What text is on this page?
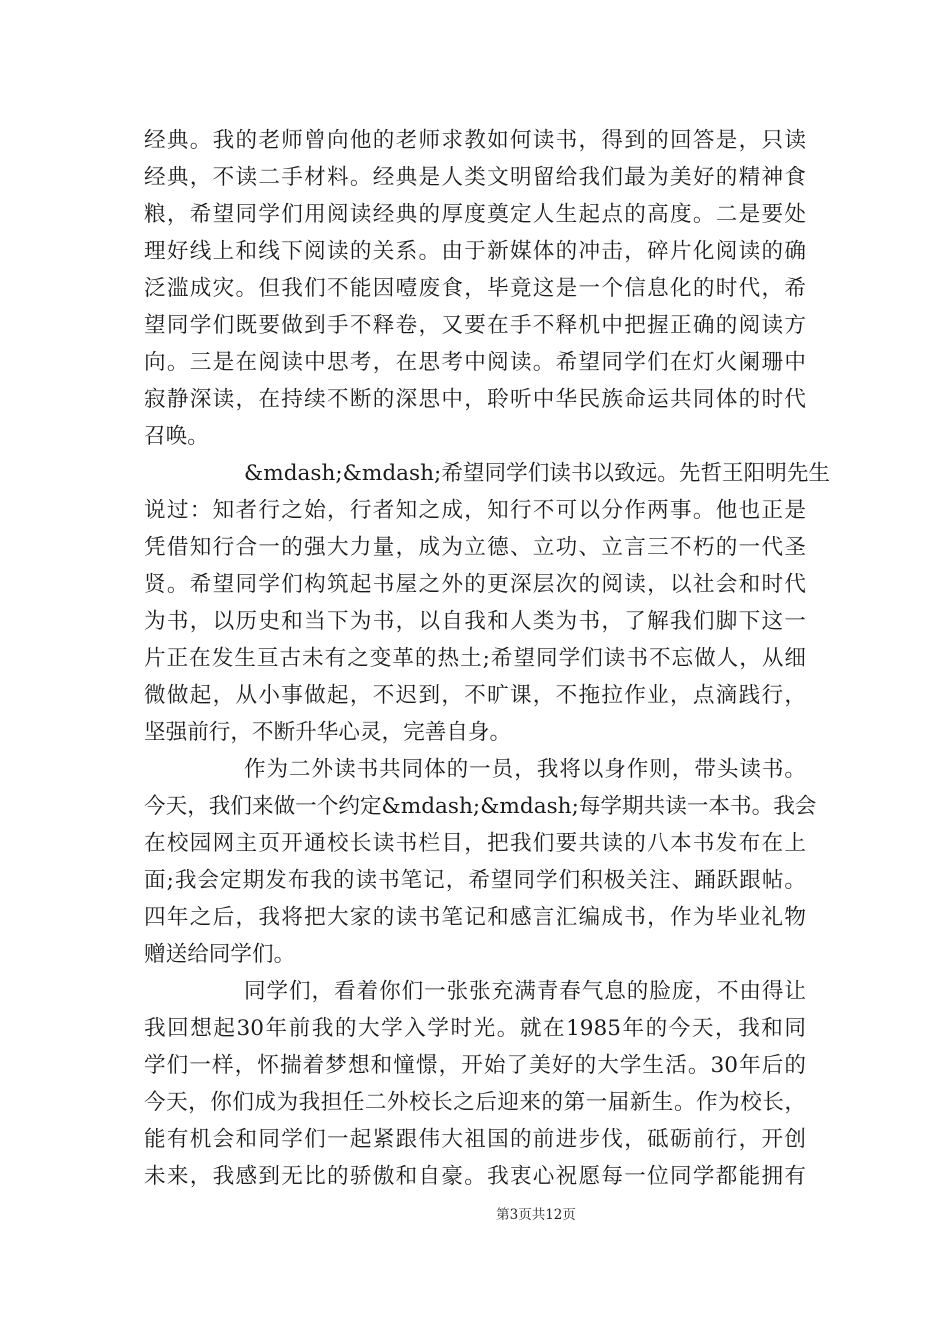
经典。我的老师曾向他的老师求教如何读书，得到的回答是，只读
经典，不读二手材料。经典是人类文明留给我们最为美好的精神食
粮，希望同学们用阅读经典的厚度奠定人生起点的高度。二是要处
理好线上和线下阅读的关系。由于新媒体的冲击，碎片化阅读的确
泛滥成灾。但我们不能因噎废食，毕竟这是一个信息化的时代，希
望同学们既要做到手不释卷，又要在手不释机中把握正确的阅读方
向。三是在阅读中思考，在思考中阅读。希望同学们在灯火阑珊中
寂静深读，在持续不断的深思中，聆听中华民族命运共同体的时代
召唤。
&mdash;&mdash;希望同学们读书以致远。先哲王阳明先生
说过：知者行之始，行者知之成，知行不可以分作两事。他也正是
凭借知行合一的强大力量，成为立德、立功、立言三不朽的一代圣
贤。希望同学们构筑起书屋之外的更深层次的阅读，以社会和时代
为书，以历史和当下为书，以自我和人类为书，了解我们脚下这一
片正在发生亘古未有之变革的热土;希望同学们读书不忘做人，从细
微做起，从小事做起，不迟到，不旷课，不拖拉作业，点滴践行，
坚强前行，不断升华心灵，完善自身。
作为二外读书共同体的一员，我将以身作则，带头读书。
今天，我们来做一个约定&mdash;&mdash;每学期共读一本书。我会
在校园网主页开通校长读书栏目，把我们要共读的八本书发布在上
面;我会定期发布我的读书笔记，希望同学们积极关注、踊跃跟帖。
四年之后，我将把大家的读书笔记和感言汇编成书，作为毕业礼物
赠送给同学们。
同学们，看着你们一张张充满青春气息的脸庞，不由得让
我回想起30年前我的大学入学时光。就在1985年的今天，我和同
学们一样，怀揣着梦想和憧憬，开始了美好的大学生活。30年后的
今天，你们成为我担任二外校长之后迎来的第一届新生。作为校长，
能有机会和同学们一起紧跟伟大祖国的前进步伐，砥砺前行，开创
未来，我感到无比的骄傲和自豪。我衷心祝愿每一位同学都能拥有
第3页共12页
